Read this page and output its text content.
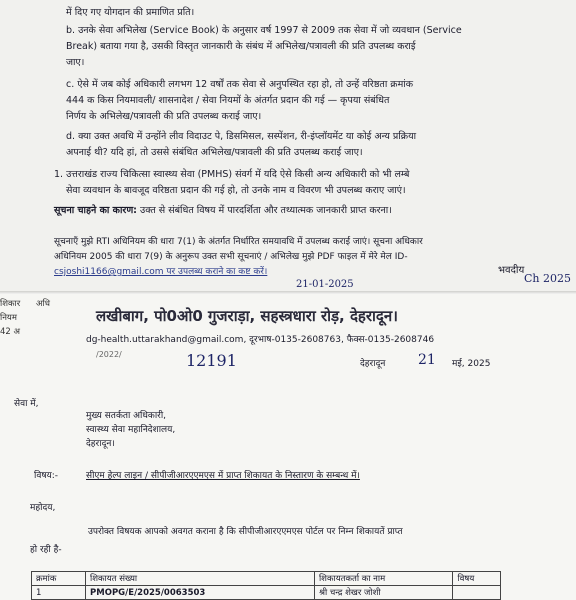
में दिए गए योगदान की प्रमाणित प्रति।
b. उनके सेवा अभिलेख (Service Book) के अनुसार वर्ष 1997 से 2009 तक सेवा में जो व्यवधान (Service
Break) बताया गया है, उसकी विस्तृत जानकारी के संबंध में अभिलेख/पत्रावली की प्रति उपलब्ध कराई
जाए।
c. ऐसे में जब कोई अधिकारी लगभग 12 वर्षों तक सेवा से अनुपस्थित रहा हो, तो उन्हें वरिष्ठता क्रमांक
444 क किस नियमावली/ शासनादेश / सेवा नियमों के अंतर्गत प्रदान की गई — कृपया संबंधित
निर्णय के अभिलेख/पत्रावली की प्रति उपलब्ध कराई जाए।
d. क्या उक्त अवधि में उन्होंने लीव विदाउट पे, डिसमिसल, सस्पेंशन, री-इंप्लॉयमेंट या कोई अन्य प्रक्रिया
अपनाई थी? यदि हां, तो उससे संबंधित अभिलेख/पत्रावली की प्रति उपलब्ध कराई जाए।
1. उत्तराखंड राज्य चिकित्सा स्वास्थ्य सेवा (PMHS) संवर्ग में यदि ऐसे किसी अन्य अधिकारी को भी लम्बे
सेवा व्यवधान के बावजूद वरिष्ठता प्रदान की गई हो, तो उनके नाम व विवरण भी उपलब्ध कराए जाएं।
सूचना चाहने का कारण: उक्त से संबंधित विषय में पारदर्शिता और तथ्यात्मक जानकारी प्राप्त करना।
सूचनाएँ मुझे RTI अधिनियम की धारा 7(1) के अंतर्गत निर्धारित समयावधि में उपलब्ध कराई जाएं। सूचना अधिकार
अधिनियम 2005 की धारा 7(9) के अनुरूप उक्त सभी सूचनाएं / अभिलेख मुझे PDF फाइल में मेरे मेल ID-
csjoshi1166@gmail.com पर उपलब्ध कराने का कष्ट करें।	भवदीय
Ch 2025
21-01-2025
शिकार अधि
नियम
42 अ
लखीबाग, पो0ओ0 गुजराड़ा, सहस्त्रधारा रोड़, देहरादून।
dg-health.uttarakhand@gmail.com, दूरभाष-0135-2608763, फैक्स-0135-2608746
/2022/	12191	देहरादून 21 मई, 2025
सेवा में,
मुख्य सतर्कता अधिकारी,
स्वास्थ्य सेवा महानिदेशालय,
देहरादून।
विषय:-	सीएम हेल्प लाइन / सीपीजीआरएएमएस में प्राप्त शिकायत के निस्तारण के सम्बन्ध में।
महोदय,
उपरोक्त विषयक आपको अवगत कराना है कि सीपीजीआरएएमएस पोर्टल पर निम्न शिकायतें प्राप्त
हो रही है-
क्रमांक	शिकायत संख्या	शिकायतकर्ता का नाम	विषय
1	PMOPG/E/2025/0063503	श्री चन्द्र शेखर जोशी	
